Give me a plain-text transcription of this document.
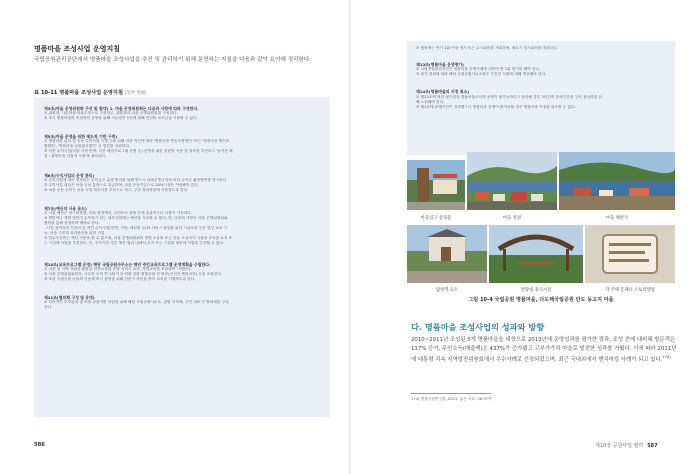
명품마을 조성사업 운영지침
국립공원관리공단에서 명품마을 조성사업을 추진 및 관리하기 위해 운영하는 지침을 다음과 같이 요약해 정리한다.
표 10-11 명품마을 조성사업 운영지침 (일부 발췌)
제3조(마을 운영위원회 구성 및 협약) 1. 마을 운영위원회는 다음과 사항에 따라 구성한다.
① 위원장, 사무장을 마을주민으로 구성하고, 위원장과 마을 운영위원회를 구성한다.
② 초기 명품마을의 안정적인 운영을 위해 사무장은 1인에 한해 인건비 보조금을 지원할 수 있다.
제5조(마을 운영을 위한 제도적 기반 구축)
① 명품마을 관리 및 공동 수익사업 시행 등을 위해 마을 여건에 따라 '명품마을 영농조합법인' 또는 '명품마을 영어조
합법인', '명품마을 농업회사법인' 등 법인을 설립한다.
② 각종 수익사업(마을 식당 민박, 각종 체험프로그램 운영 등) 운영을 위한 관련법 적용 및 절차를 추진하고 '놀이촌 체
험 · 휴양마을 사업자 지정'을 완료한다.
제6조(수익사업의 운영 관리)
① 수익사업에 따라 생산되는 수익금은 분쟁 방지를 위해 반드시 마을운영규칙에 따라 수익금 활용방안을 명시한다.
② 수익사업 대금은 마을 공동 통장으로 입금하며, 마을 공동기금으로 20%이상은 적립해야 한다.
③ 마을 공동 수익은 마을 사업 재투자를 우선으로 하고, 주민 복리증진에 사용하도록 한다.
제7조(예산의 사용 용도)
① 사업 예산은 마스터플랜, 마을 환경개선, 주민소득 창출 등에 효율적으로 사용이 가능하다.
② 개인이나 개별 법인이 수익자가 되는 세부사업에는 예산을 사용할 수 없다. 단, 다음의 사항은 마을 운영위원회와
협의를 통해 결정하여 예외로 한다.
- 사업 참여자의 인건비 및 개인 수익사업(민박, 식당, 체험장 등)의 서비스 향상을 위한 시설보강 등은 일부 보조 가
능, 마을 주민의 복리증진을 위한 사업
③ 업무추진비는 예산 사용을 할 수 없으며, 마을 운영위원회의 개별 소유의 또는 공동 소유자가 사용을 승낙한 토지 또
는 시설에 사업을 추진한다. 단, 부득이한 경우 예산 범위 내에서 토지 또는 시설물 매입에 사업을 추진할 수 있다.
제10조(교육프로그램 운영) 해당 국립공원사무소는 매년 주민교육프로그램 운영계획을 수립한다.
① 마을 및 지역 자원을 활용한 민박교육을 운영 서비스 교육, 경영교육을 포함하여 시행한다.
② 마을 운영위원회원장, 사무장 등의 연 1회 이상 역량 강화 명품마을 간 방문(선진지 벤치마킹) 등을 포함한다.
③ 또한 국립공원 마을의 공동체 의식 함양을 위해 전문가 자문을 받아 교육을 시행하도록 한다.
제11조(협의체 구성 및 운영)
① 지속적인 투자유치 및 마을 상장기반 마련을 위해 해당 국립공원사무소, 관할 지자체, 주민 대표 간 협의체를 구성
한다.
586
② 협의체는 반기 1회 이상 정기 또는 수시회의를 개최하며, 필요시 임시회의를 개최한다.
제13조(명품마을 운영평가)
① 국립공원관리공단은 명품마을 운영사례에 대하여 연 1회 평가를 해야 한다.
② 평가 결과에 따라 해당 국립공원사무소장은 부진한 사항에 대해 개선해야 한다.
제14조(명품마을의 지정 취소)
① 제13조에 의한 평가결과 명품마을로서의 운영이 불가능하다고 판단될 경우 3년간의 유예기간을 두어 정상화를 위
해 노력해야 한다.
② 제1호에 유예기간이 경과했으나 명품마을 운영이 불가능할 경우 명품마을 지정을 취소할 수 있다.
마을입구 상징물	마을 전경	마을 해변가
탐방객 숙소	전망대 휴식시설	각 주택 문패의 스토리텔링
그림 10-4 국립공원 명품마을, 다도해국립공원 만도 동고지 마을
다. 명품마을 조성사업의 성과와 방향
2010~2011년 조성된 5개 명품마을을 대상으로 2013년에 운영성과를 평가한 결과, 조성 전에 대비해 방문객은 117% 증가, 주민소득(매출액)은 437%가 증가됐고 고부가가치 마을로 발전한 성과를 거뒀다. 이에 따라 2011년에 대통령 직속 지역발전위원회에서 우수사례로 선정되었으며, 최근 국내외에서 벤치마킹 사례가 되고 있다.$^{174)}$
174) 명품공원연구원, 2015, 좋은 자료, 36-37쪽
제10장 공원사업 협력 587
